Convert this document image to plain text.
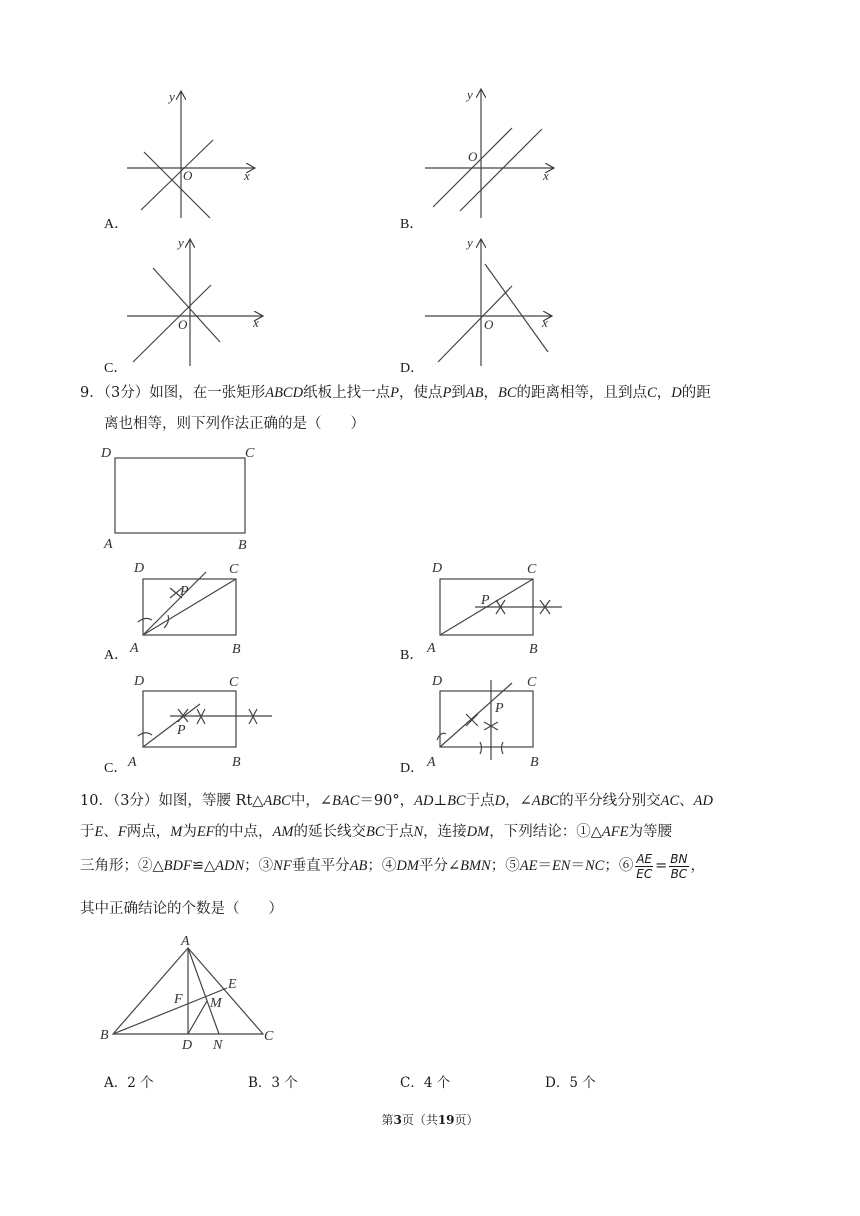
y
x
O
y
x
O
y
x
O
y
x
O
A．	B．
C．	D．
9．（3分）如图，在一张矩形ABCD纸板上找一点P，使点P到AB，BC的距离相等，且到点C，D的距
离也相等，则下列作法正确的是（　　）
D	C
A	B
D	C
P
A	B
D	C
P
A	B
D	C
P
A	B
D	C
P
A	B
A．	B．
C．	D．
10．（3分）如图，等腰 Rt△ABC中，∠BAC＝90°，AD⊥BC于点D，∠ABC的平分线分别交AC、AD
于E、F两点，M为EF的中点，AM的延长线交BC于点N，连接DM，下列结论：①△AFE为等腰
三角形；②△BDF≌△ADN；③NF垂直平分AB；④DM平分∠BMN；⑤AE＝EN＝NC；⑥ $\frac{AE}{EC} = \frac{BN}{BC}$ ，
其中正确结论的个数是（　　）
A
E
F M
B
D N
C
A．2 个	B．3 个	C．4 个	D．5 个
第3页（共19页）
